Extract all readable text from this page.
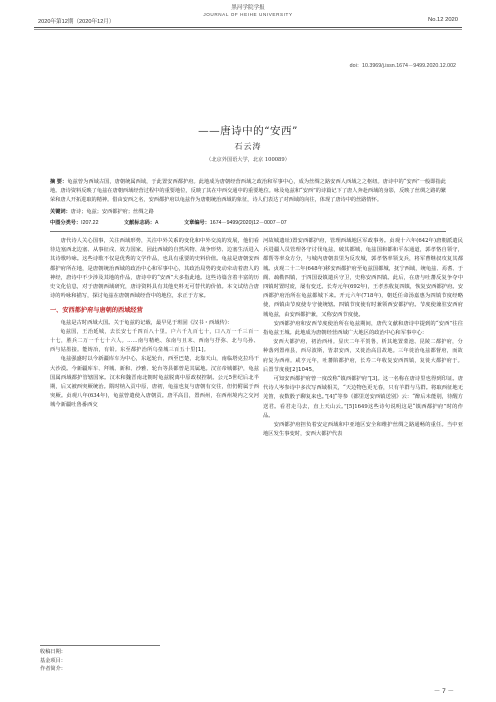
2020年第12期（2020年12月）
黑河学院学报
JOURNAL OF HEIHE UNIVERSITY
No.12 2020
doi：10.3969/j.issn.1674－9499.2020.12.002
——唐诗中的“安西”
石云涛
（北京外国语大学，北京 100089）
摘 要：龟兹曾为西域古国，唐朝统属西域，于此置安西都护府。此地成为唐朝经营西域之政治和军事中心，成为丝绸之路安西人西域之之枢纽。唐诗中的“安西”一般即指此地。唐诗资料反映了龟兹在唐朝西域经营过程中的重要地位，反映了其在中西交通中的重要地位。咏及龟兹和“安西”的诗篇记下了唐人奔赴西域的身影，反映了丝绸之路的繁荣和唐人开拓进取的精神。借由安西之名，安西都护府以龟兹作为唐朝统治西域的象征，诗人们表达了对西域的向往，体现了唐诗中的丝路情怀。
关键词：唐诗；龟兹；安西都护府；丝绸之路
中图分类号：I207.22	文献标志码：A	文章编号：1674－9499(2020)12－0007－07

唐代诗人关心国事，关注西域形势，关注中外关系的变化和中外交流的发展，他们看待边塞西北边塞、从事征戍、效力国家，因此西域的自然风物、战争形势、边塞生活进入其诗歌吟咏。这些诗歌不仅是优秀的文学作品，也具有重要的史料价值。龟兹是唐朝安西都护府所在地，是唐朝统治西域的政治中心和军事中心，其政治局势的变动牵动着唐人的神经，唐诗中不少涉及其地的作品，唐诗中的“安西”大多指此地。这些诗篇含着丰富的历史文化信息，对于唐朝西域研究，唐诗资料具有其他史料无可替代的价值。本文试结合唐诗的吟咏和描写，探讨龟兹在唐朝西域经营中的地位，求正于方家。

一、安西都护府与唐朝的西域经营

龟兹是古时西域大国。关于龟兹的记载，最早见于班固《汉书・西域传》：

龟兹国，王治延城，去长安七千四百八十里。户六千九百七十，口八万一千三百一十七，胜兵二万一千七十六人。……南与精绝、东南与且末、西南与抒弥、北与乌孙、西与姑墨接。能铸冶，有铅。东至都护治所乌垒城三百五十里[1]。

龟兹强盛时以今新疆库车为中心，东起轮台，西至巴楚，北靠天山，南临塔克拉玛干大沙漠。今新疆库车、拜城、新和、沙雅、轮台等县都曾是其属地。汉宣帝城都护，龟兹国属西域都护管辖国家。汉末和魏晋南北朝时龟兹脱离中原政权控制。公元5世纪后北半期，后又被西突厥统治。隋时纳入贡中原，唐初，龟兹也复与唐朝有交往，但仍附属于西突厥。贞观八年(634年)，龟兹曾遣使入唐朝贡。唐平高昌，置西州，在西州境内之交河城今新疆吐鲁番西交

河故城遗址)置安西都护府，管理西域地区军政事务。贞观十六年(642年)唐朝派遣民兵进疆人员管理各守讨伐龟兹，破其都城，龟兹国和都和平东通道，郭孝恪自领守，都帮等率众方分，与城内唐朝表里为反攻城，郭孝恪率领支兵，将军曹继叔攻复其都城。贞观二十二年(648年)移安西都护府至龟兹国都城，抚宁西域，统龟兹、焉耆、于阗、疏勒四镇，于四国设镇遣兵守卫，史称安西四镇。此后，在唐与吐蕃反复争夺中四镇时置时废，屡有变迁。长寿元年(692年)，王孝杰收复四镇，恢复安西都护府。安西都护府治所在龟兹都城下来。开元六年(718年)，朝廷任命汤嘉惠为四镇节度经略使，西镇由节度使专守使统辖。四镇节度使有时兼领西安都护府。节度使兼驻安西府城龟兹，由安西都护兼，又称安西节度使。

安西都护府和安西节度使治所在龟兹期间，唐代文献和唐诗中提到的“安西”往往指龟兹王城。此地成为唐朝经营西域广大地区的政治中心和军事中心：

安西大都护府，初治西州。显庆二年平贺鲁，析其地置蒙池、昆陵二都护府，分种落列置州县，西尽波斯，皆隶安西，又徙治高昌故地。三年徙治龟兹都督府，而故府复为西州。咸亨元年，吐蕃陷都护府，长寿二年收复安西四镇，复徙大都护府于。后置节度使[2]1045。

可知安西都护府曾一度改称“镇西都护府”[3]。这一名称在唐诗里也得到印证。唐代诗人岑参诗中多次写西域相关，“天边物色更无春，只有羊群与马群。将取西征地无羌笛，夜数骰子聊复来也。”[4]“等参《都里送安西镇送别》云：“醉后未能别，待醒方送君。看君走马去，直上天山云。”[5]1649这些诗句说明这是“镇西都护府”时的作品。

安西都护府担负着安定西域和中亚地区安全和维护丝绸之路通畅的重任。当中亚地区发生事变时，安西大都护代表

收稿日期：
基金项目：
作者简介：
－ 7 －
